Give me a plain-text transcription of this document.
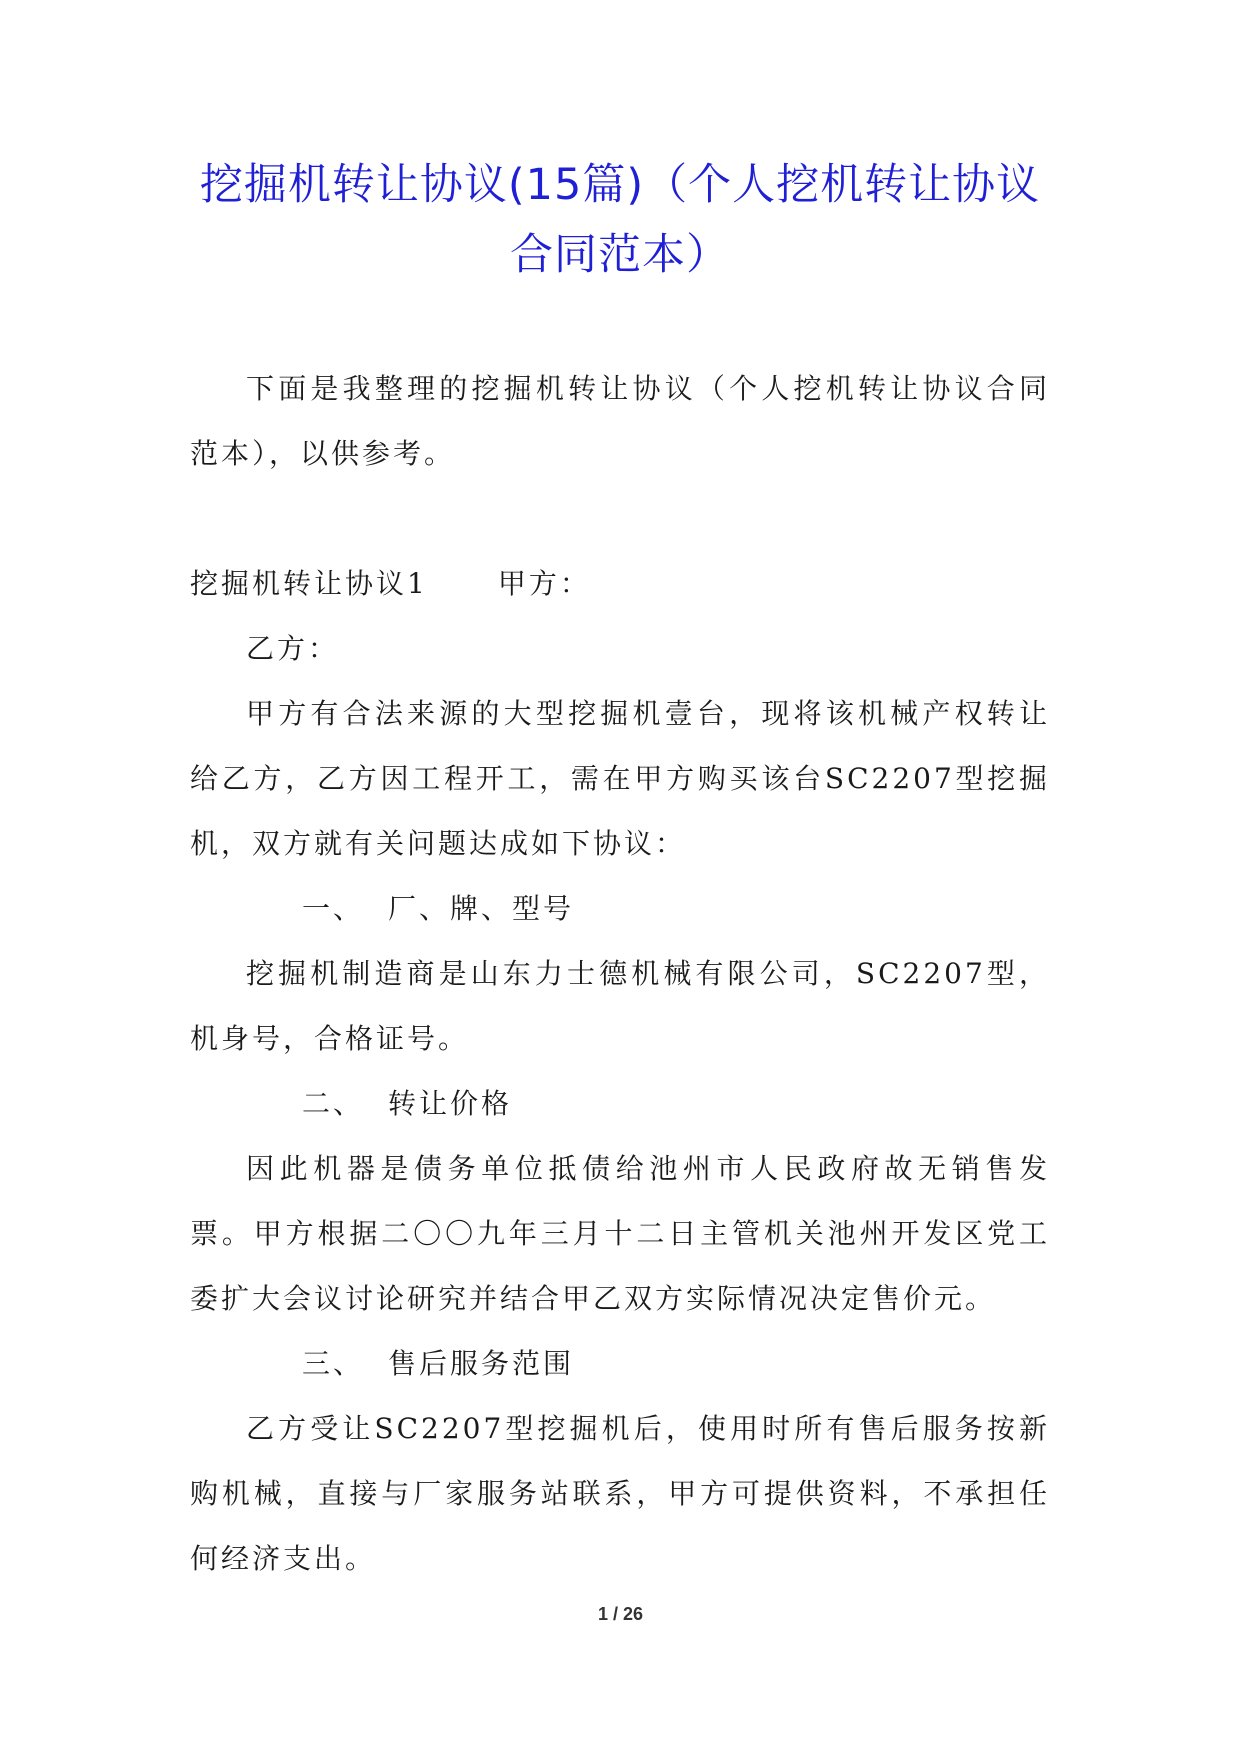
挖掘机转让协议(15篇)（个人挖机转让协议
合同范本）

下面是我整理的挖掘机转让协议（个人挖机转让协议合同范本），以供参考。

挖掘机转让协议1	甲方：

乙方：

甲方有合法来源的大型挖掘机壹台，现将该机械产权转让给乙方，乙方因工程开工，需在甲方购买该台SC2207型挖掘机，双方就有关问题达成如下协议：

一、 厂、牌、型号

挖掘机制造商是山东力士德机械有限公司，SC2207型，机身号，合格证号。

二、 转让价格

因此机器是债务单位抵债给池州市人民政府故无销售发票。甲方根据二〇〇九年三月十二日主管机关池州开发区党工委扩大会议讨论研究并结合甲乙双方实际情况决定售价元。

三、 售后服务范围

乙方受让SC2207型挖掘机后，使用时所有售后服务按新购机械，直接与厂家服务站联系，甲方可提供资料，不承担任何经济支出。

1 / 26
